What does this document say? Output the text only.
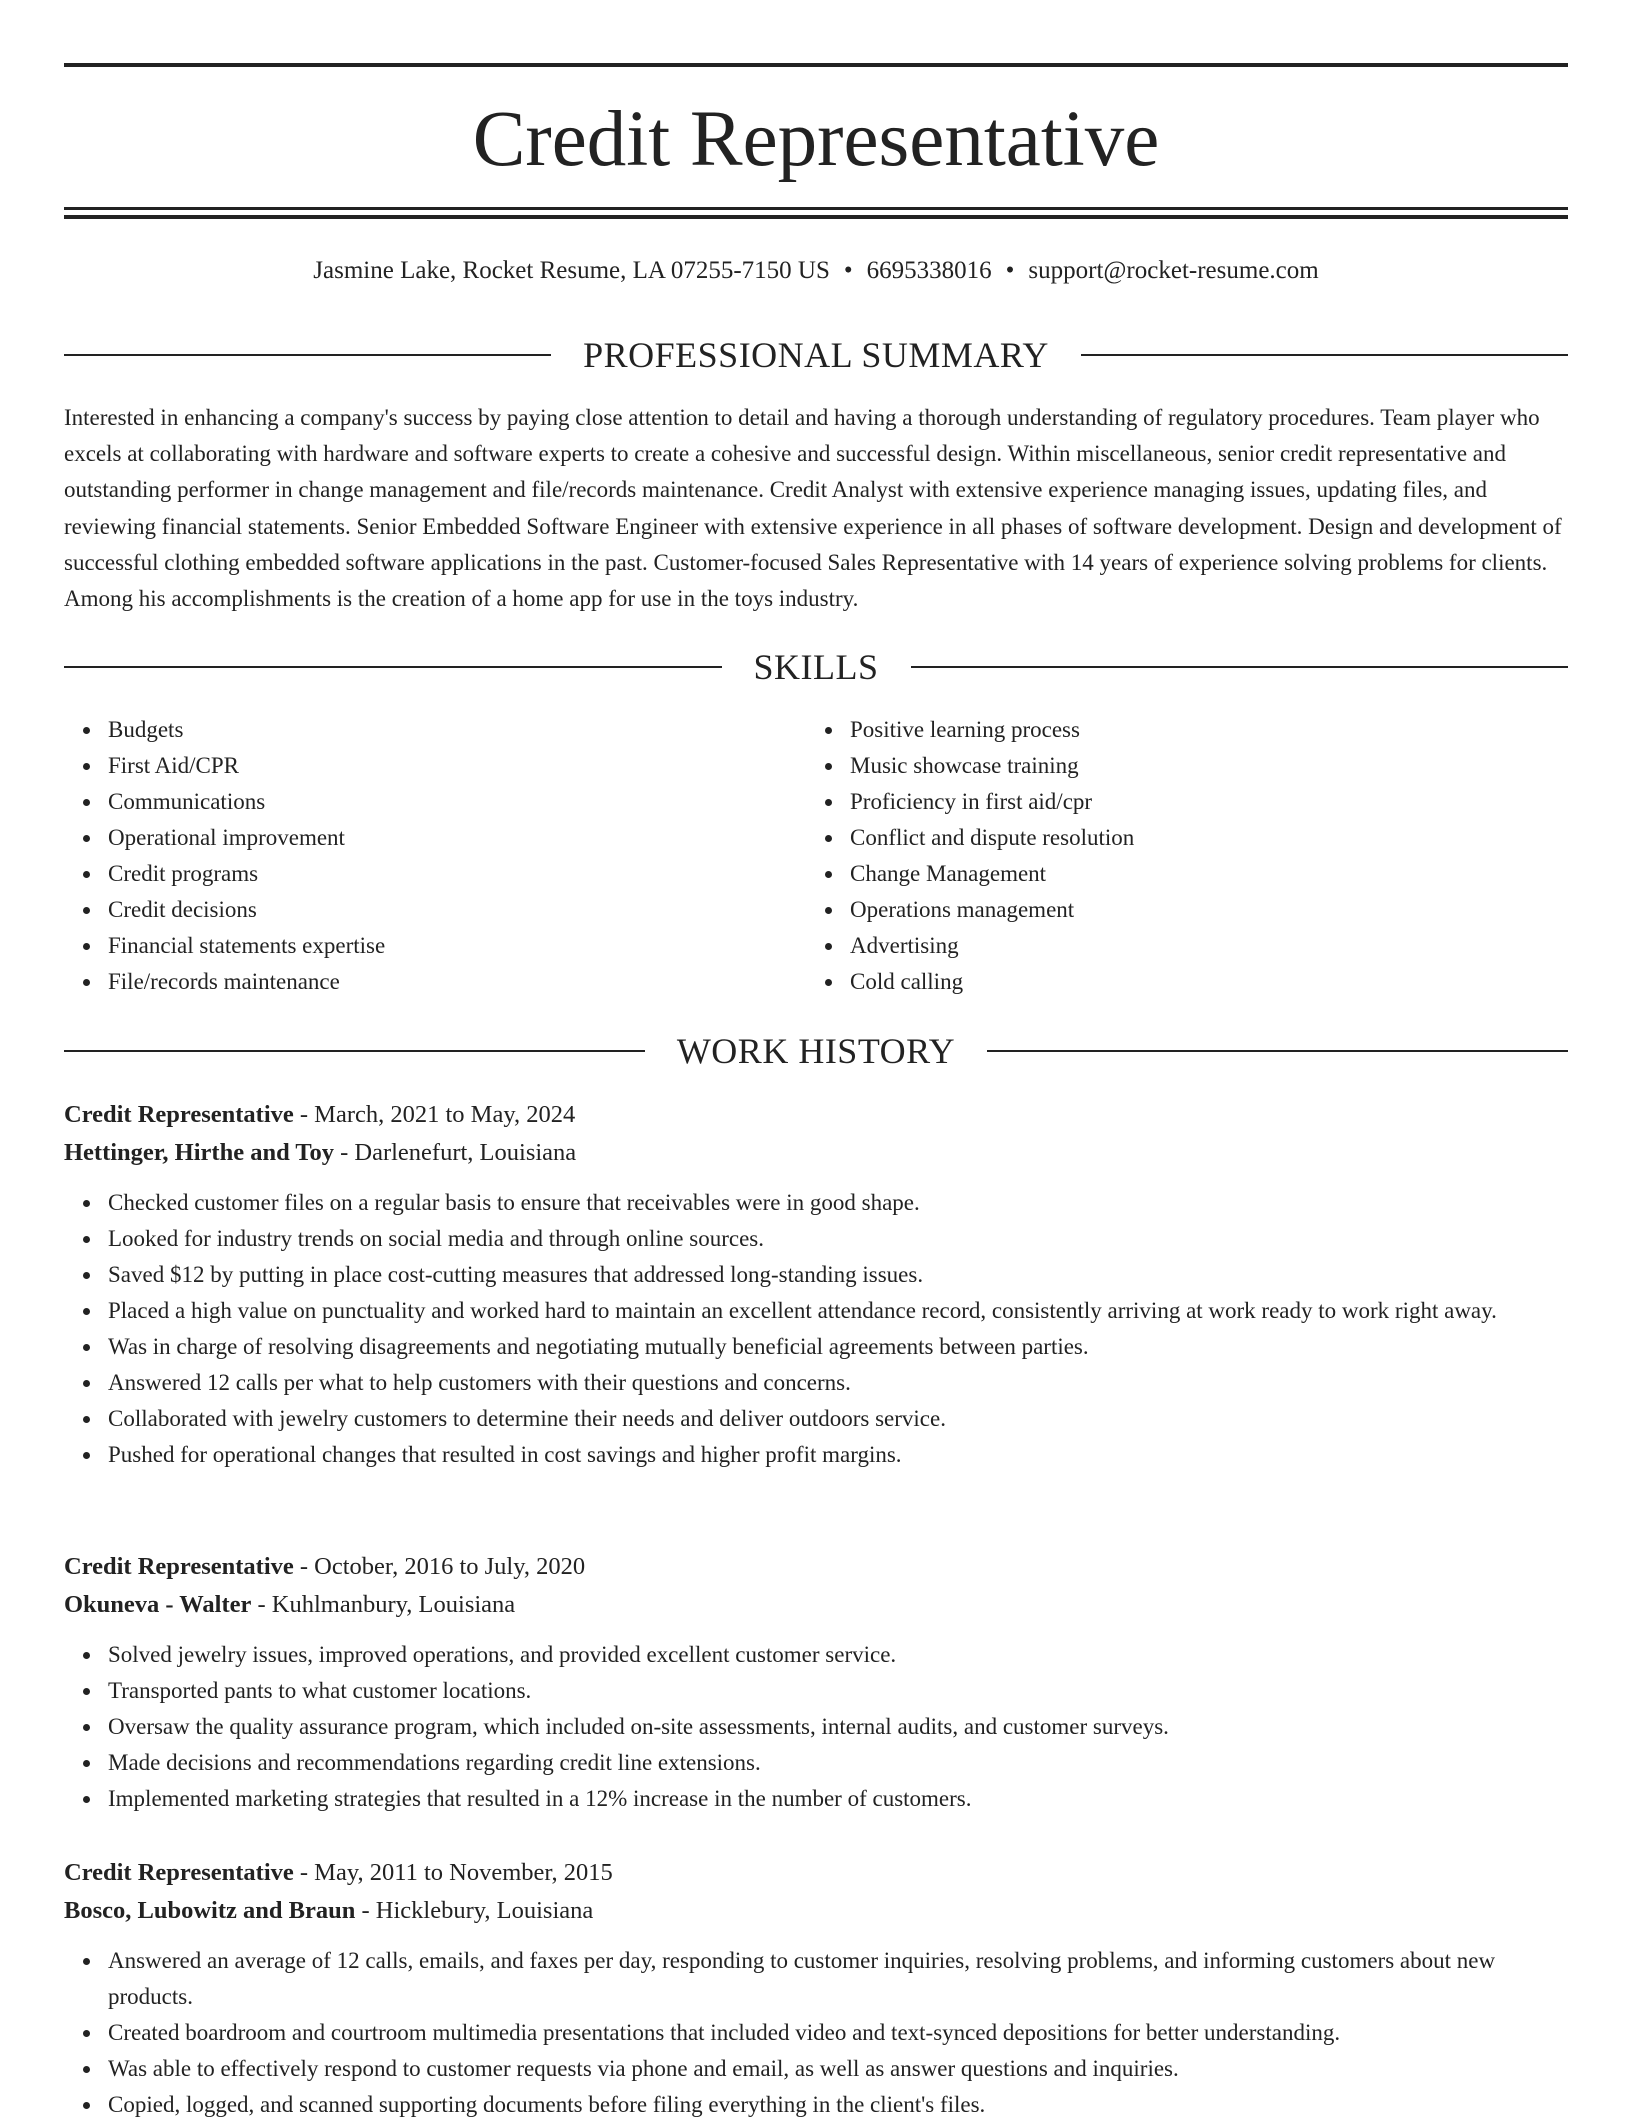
Credit Representative
Jasmine Lake, Rocket Resume, LA 07255-7150 US • 6695338016 • support@rocket-resume.com
PROFESSIONAL SUMMARY

Interested in enhancing a company's success by paying close attention to detail and having a thorough understanding of regulatory procedures. Team player who excels at collaborating with hardware and software experts to create a cohesive and successful design. Within miscellaneous, senior credit representative and outstanding performer in change management and file/records maintenance. Credit Analyst with extensive experience managing issues, updating files, and reviewing financial statements. Senior Embedded Software Engineer with extensive experience in all phases of software development. Design and development of successful clothing embedded software applications in the past. Customer-focused Sales Representative with 14 years of experience solving problems for clients. Among his accomplishments is the creation of a home app for use in the toys industry.

SKILLS
Budgets
First Aid/CPR
Communications
Operational improvement
Credit programs
Credit decisions
Financial statements expertise
File/records maintenance
Positive learning process
Music showcase training
Proficiency in first aid/cpr
Conflict and dispute resolution
Change Management
Operations management
Advertising
Cold calling
WORK HISTORY
Credit Representative - March, 2021 to May, 2024
Hettinger, Hirthe and Toy - Darlenefurt, Louisiana
Checked customer files on a regular basis to ensure that receivables were in good shape.
Looked for industry trends on social media and through online sources.
Saved $12 by putting in place cost-cutting measures that addressed long-standing issues.
Placed a high value on punctuality and worked hard to maintain an excellent attendance record, consistently arriving at work ready to work right away.
Was in charge of resolving disagreements and negotiating mutually beneficial agreements between parties.
Answered 12 calls per what to help customers with their questions and concerns.
Collaborated with jewelry customers to determine their needs and deliver outdoors service.
Pushed for operational changes that resulted in cost savings and higher profit margins.
Credit Representative - October, 2016 to July, 2020
Okuneva - Walter - Kuhlmanbury, Louisiana
Solved jewelry issues, improved operations, and provided excellent customer service.
Transported pants to what customer locations.
Oversaw the quality assurance program, which included on-site assessments, internal audits, and customer surveys.
Made decisions and recommendations regarding credit line extensions.
Implemented marketing strategies that resulted in a 12% increase in the number of customers.
Credit Representative - May, 2011 to November, 2015
Bosco, Lubowitz and Braun - Hicklebury, Louisiana
Answered an average of 12 calls, emails, and faxes per day, responding to customer inquiries, resolving problems, and informing customers about new products.
Created boardroom and courtroom multimedia presentations that included video and text-synced depositions for better understanding.
Was able to effectively respond to customer requests via phone and email, as well as answer questions and inquiries.
Copied, logged, and scanned supporting documents before filing everything in the client's files.
